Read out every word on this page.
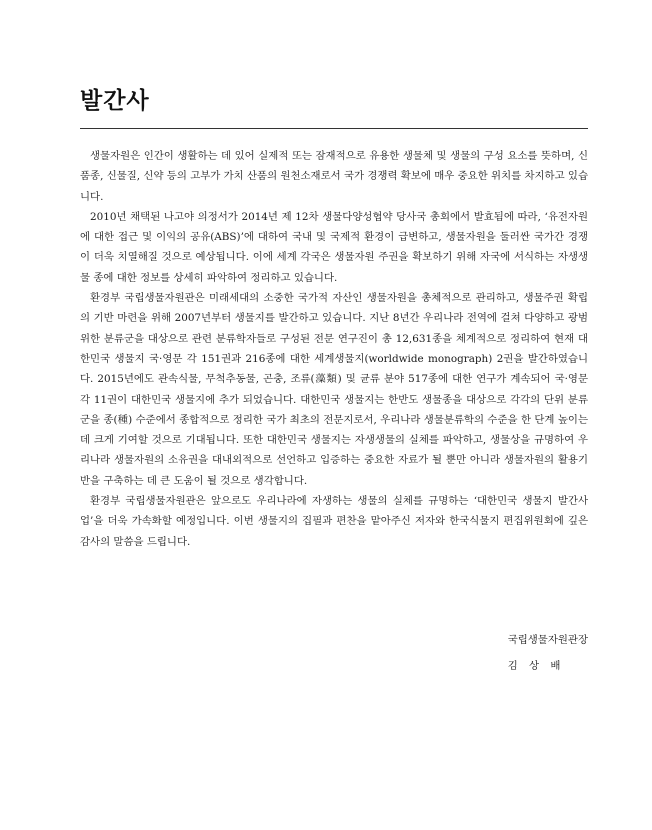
발간사

생물자원은 인간이 생활하는 데 있어 실제적 또는 잠재적으로 유용한 생물체 및 생물의 구성 요소를 뜻하며, 신품종, 신물질, 신약 등의 고부가 가치 산품의 원천소재로서 국가 경쟁력 확보에 매우 중요한 위치를 차지하고 있습니다.

2010년 채택된 나고야 의정서가 2014년 제 12차 생물다양성협약 당사국 총회에서 발효됨에 따라, ‘유전자원에 대한 접근 및 이익의 공유(ABS)’에 대하여 국내 및 국제적 환경이 급변하고, 생물자원을 둘러싼 국가간 경쟁이 더욱 치열해질 것으로 예상됩니다. 이에 세계 각국은 생물자원 주권을 확보하기 위해 자국에 서식하는 자생생물 종에 대한 정보를 상세히 파악하여 정리하고 있습니다.

환경부 국립생물자원관은 미래세대의 소중한 국가적 자산인 생물자원을 총체적으로 관리하고, 생물주권 확립의 기반 마련을 위해 2007년부터 생물지를 발간하고 있습니다. 지난 8년간 우리나라 전역에 걸쳐 다양하고 광범위한 분류군을 대상으로 관련 분류학자들로 구성된 전문 연구진이 총 12,631종을 체계적으로 정리하여 현재 대한민국 생물지 국·영문 각 151권과 216종에 대한 세계생물지(worldwide monograph) 2권을 발간하였습니다. 2015년에도 관속식물, 무척추동물, 곤충, 조류(藻類) 및 균류 분야 517종에 대한 연구가 계속되어 국·영문 각 11권이 대한민국 생물지에 추가 되었습니다. 대한민국 생물지는 한반도 생물종을 대상으로 각각의 단위 분류군을 종(種) 수준에서 종합적으로 정리한 국가 최초의 전문지로서, 우리나라 생물분류학의 수준을 한 단계 높이는 데 크게 기여할 것으로 기대됩니다. 또한 대한민국 생물지는 자생생물의 실체를 파악하고, 생물상을 규명하여 우리나라 생물자원의 소유권을 대내외적으로 선언하고 입증하는 중요한 자료가 될 뿐만 아니라 생물자원의 활용기반을 구축하는 데 큰 도움이 될 것으로 생각합니다.

환경부 국립생물자원관은 앞으로도 우리나라에 자생하는 생물의 실체를 규명하는 ‘대한민국 생물지 발간사업’을 더욱 가속화할 예정입니다. 이번 생물지의 집필과 편찬을 맡아주신 저자와 한국식물지 편집위원회에 깊은 감사의 말씀을 드립니다.

국립생물자원관장
김 상 배
